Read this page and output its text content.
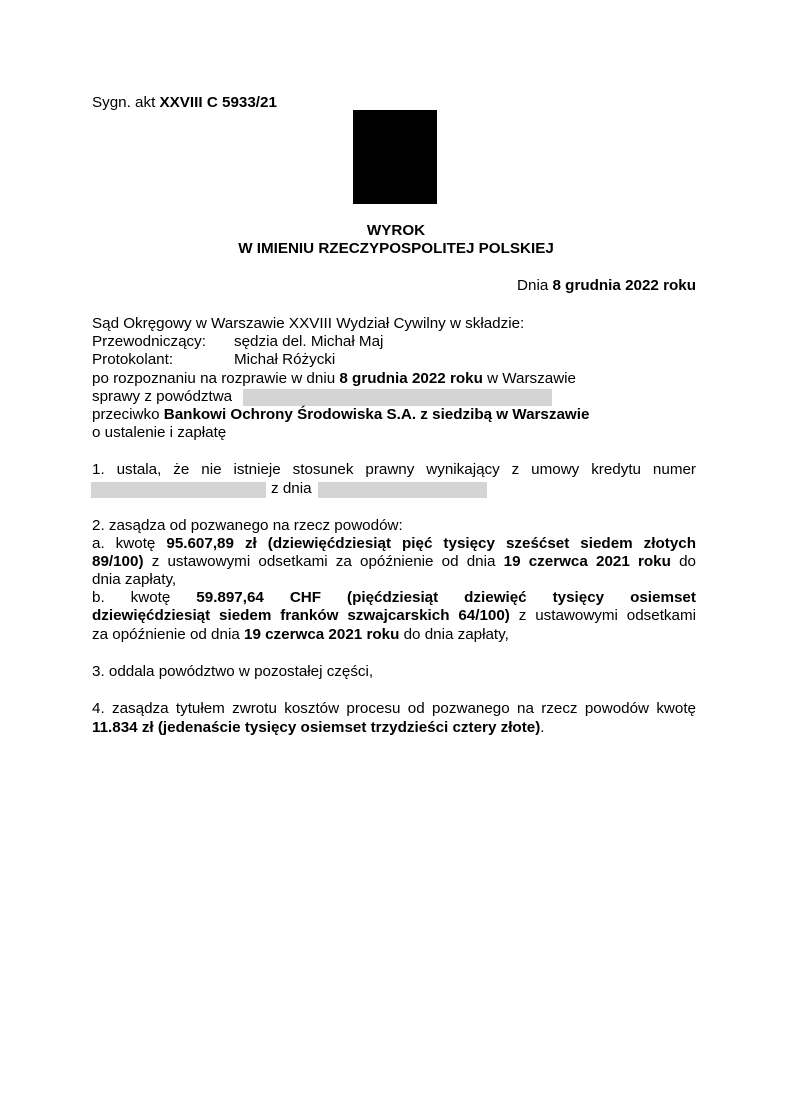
Sygn. akt XXVIII C 5933/21
WYROK
W IMIENIU RZECZYPOSPOLITEJ POLSKIEJ
Dnia 8 grudnia 2022 roku
Sąd Okręgowy w Warszawie XXVIII Wydział Cywilny w składzie:
Przewodniczący: sędzia del. Michał Maj
Protokolant:	Michał Różycki
po rozpoznaniu na rozprawie w dniu 8 grudnia 2022 roku w Warszawie
sprawy z powództwa
przeciwko Bankowi Ochrony Środowiska S.A. z siedzibą w Warszawie
o ustalenie i zapłatę
1. ustala, że nie istnieje stosunek prawny wynikający z umowy kredytu numer
z dnia
2. zasądza od pozwanego na rzecz powodów:
a. kwotę 95.607,89 zł (dziewięćdziesiąt pięć tysięcy sześćset siedem złotych
89/100) z ustawowymi odsetkami za opóźnienie od dnia 19 czerwca 2021 roku do
dnia zapłaty,
b. kwotę 59.897,64 CHF (pięćdziesiąt dziewięć tysięcy osiemset
dziewięćdziesiąt siedem franków szwajcarskich 64/100) z ustawowymi odsetkami
za opóźnienie od dnia 19 czerwca 2021 roku do dnia zapłaty,
3. oddala powództwo w pozostałej części,
4. zasądza tytułem zwrotu kosztów procesu od pozwanego na rzecz powodów kwotę
11.834 zł (jedenaście tysięcy osiemset trzydzieści cztery złote).
